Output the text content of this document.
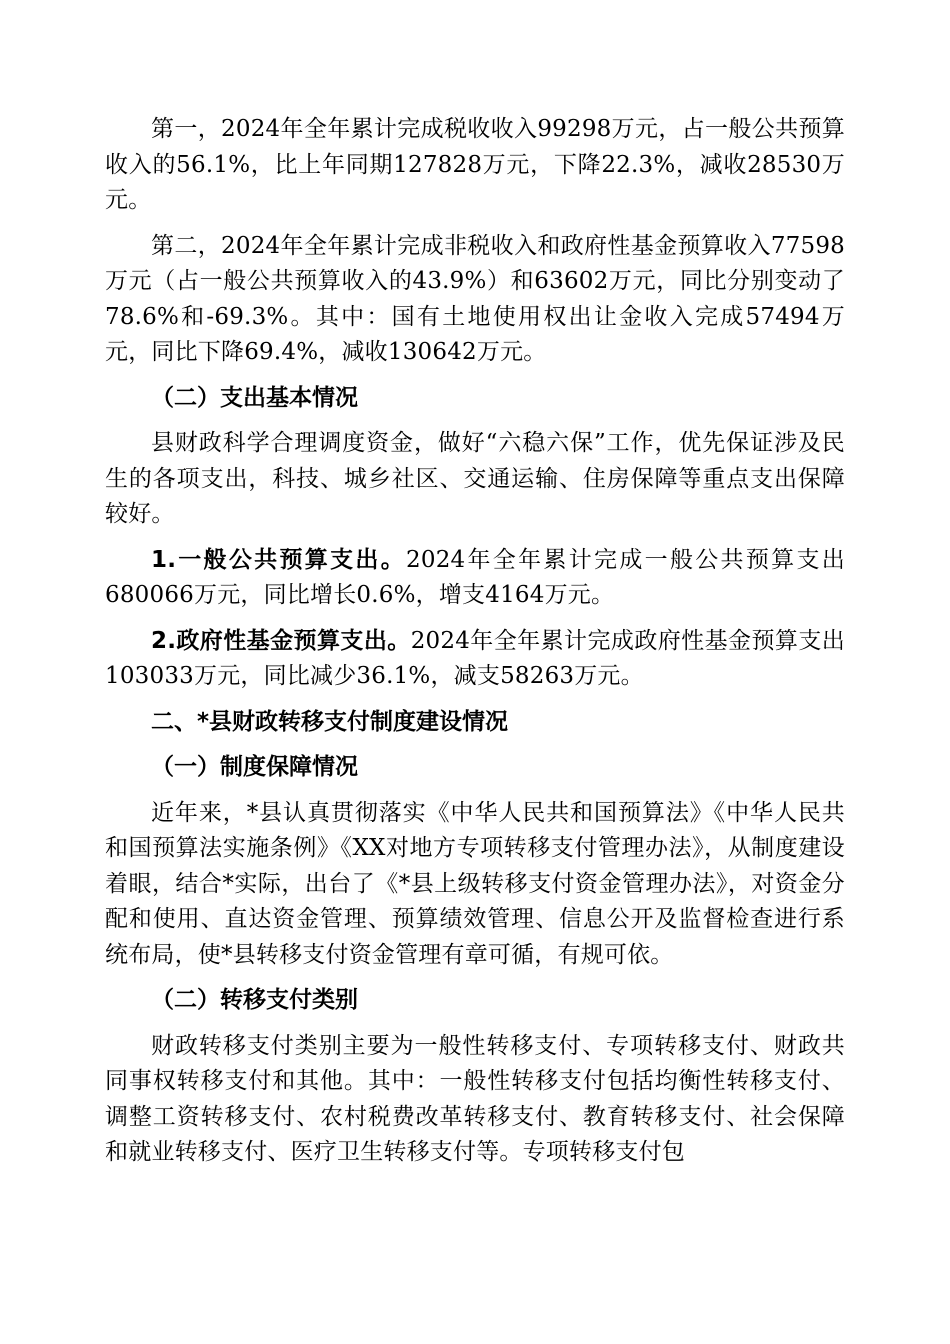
第一，2024年全年累计完成税收收入99298万元，占一般公共预算收入的56.1%，比上年同期127828万元，下降22.3%，减收28530万元。

第二，2024年全年累计完成非税收入和政府性基金预算收入77598万元（占一般公共预算收入的43.9%）和63602万元，同比分别变动了78.6%和-69.3%。其中：国有土地使用权出让金收入完成57494万元，同比下降69.4%，减收130642万元。

（二）支出基本情况

县财政科学合理调度资金，做好“六稳六保”工作，优先保证涉及民生的各项支出，科技、城乡社区、交通运输、住房保障等重点支出保障较好。

1.一般公共预算支出。2024年全年累计完成一般公共预算支出680066万元，同比增长0.6%，增支4164万元。

2.政府性基金预算支出。2024年全年累计完成政府性基金预算支出103033万元，同比减少36.1%，减支58263万元。

二、*县财政转移支付制度建设情况

（一）制度保障情况

近年来，*县认真贯彻落实《中华人民共和国预算法》《中华人民共和国预算法实施条例》《XX对地方专项转移支付管理办法》，从制度建设着眼，结合*实际，出台了《*县上级转移支付资金管理办法》，对资金分配和使用、直达资金管理、预算绩效管理、信息公开及监督检查进行系统布局，使*县转移支付资金管理有章可循，有规可依。

（二）转移支付类别

财政转移支付类别主要为一般性转移支付、专项转移支付、财政共同事权转移支付和其他。其中：一般性转移支付包括均衡性转移支付、调整工资转移支付、农村税费改革转移支付、教育转移支付、社会保障和就业转移支付、医疗卫生转移支付等。专项转移支付包
